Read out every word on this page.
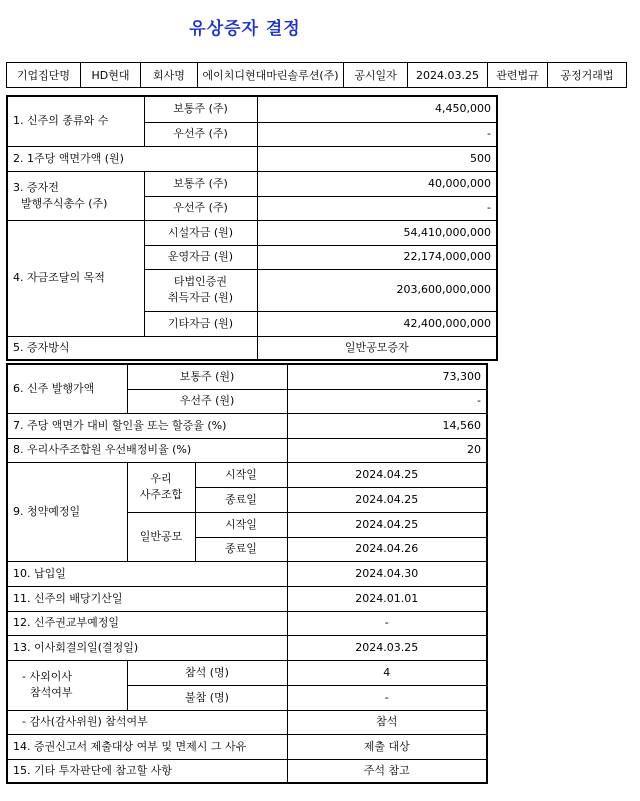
유상증자 결정
기업집단명	HD현대	회사명	에이치디현대마린솔루션(주)	공시일자	2024.03.25	관련법규	공정거래법
1. 신주의 종류와 수	보통주 (주)	4,450,000
	우선주 (주)	-
2. 1주당 액면가액 (원)		500

3. 증자전
발행주식총수 (주)	보통주 (주)	40,000,000
	우선주 (주)	-
4. 자금조달의 목적	시설자금 (원)	54,410,000,000
	운영자금 (원)	22,174,000,000

	타법인증권
취득자금 (원)	203,600,000,000
	기타자금 (원)	42,400,000,000
5. 증자방식		일반공모증자
6. 신주 발행가액	보통주 (원)		73,300
	우선주 (원)		-
7. 주당 액면가 대비 할인율 또는 할증율 (%)			14,560
8. 우리사주조합원 우선배정비율 (%)			20
9. 청약예정일	우리
사주조합	시작일	2024.04.25
		종료일	2024.04.25
	일반공모	시작일	2024.04.25
		종료일	2024.04.26
10. 납입일			2024.04.30
11. 신주의 배당기산일			2024.01.01
12. 신주권교부예정일			-
13. 이사회결의일(결정일)			2024.03.25

- 사외이사
참석여부	참석 (명)		4
	불참 (명)		-
- 감사(감사위원) 참석여부			참석
14. 증권신고서 제출대상 여부 및 면제시 그 사유			제출 대상
15. 기타 투자판단에 참고할 사항			주석 참고
